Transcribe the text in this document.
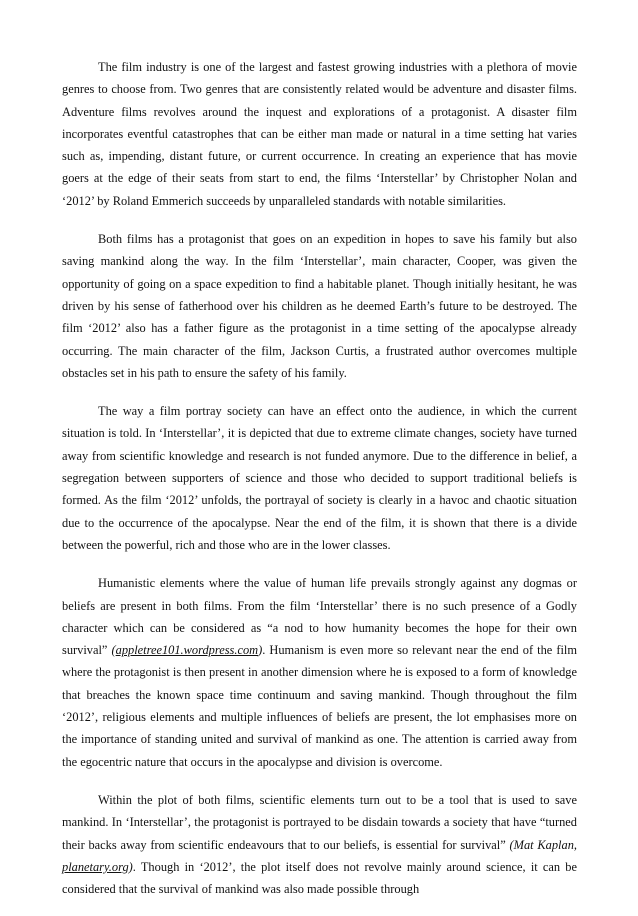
The film industry is one of the largest and fastest growing industries with a plethora of movie genres to choose from. Two genres that are consistently related would be adventure and disaster films. Adventure films revolves around the inquest and explorations of a protagonist. A disaster film incorporates eventful catastrophes that can be either man made or natural in a time setting hat varies such as, impending, distant future, or current occurrence. In creating an experience that has movie goers at the edge of their seats from start to end, the films ‘Interstellar’ by Christopher Nolan and ‘2012’ by Roland Emmerich succeeds by unparalleled standards with notable similarities.

Both films has a protagonist that goes on an expedition in hopes to save his family but also saving mankind along the way. In the film ‘Interstellar’, main character, Cooper, was given the opportunity of going on a space expedition to find a habitable planet. Though initially hesitant, he was driven by his sense of fatherhood over his children as he deemed Earth’s future to be destroyed. The film ‘2012’ also has a father figure as the protagonist in a time setting of the apocalypse already occurring. The main character of the film, Jackson Curtis, a frustrated author overcomes multiple obstacles set in his path to ensure the safety of his family.

The way a film portray society can have an effect onto the audience, in which the current situation is told. In ‘Interstellar’, it is depicted that due to extreme climate changes, society have turned away from scientific knowledge and research is not funded anymore. Due to the difference in belief, a segregation between supporters of science and those who decided to support traditional beliefs is formed. As the film ‘2012’ unfolds, the portrayal of society is clearly in a havoc and chaotic situation due to the occurrence of the apocalypse. Near the end of the film, it is shown that there is a divide between the powerful, rich and those who are in the lower classes.

Humanistic elements where the value of human life prevails strongly against any dogmas or beliefs are present in both films. From the film ‘Interstellar’ there is no such presence of a Godly character which can be considered as “a nod to how humanity becomes the hope for their own survival” (appletree101.wordpress.com). Humanism is even more so relevant near the end of the film where the protagonist is then present in another dimension where he is exposed to a form of knowledge that breaches the known space time continuum and saving mankind. Though throughout the film ‘2012’, religious elements and multiple influences of beliefs are present, the lot emphasises more on the importance of standing united and survival of mankind as one. The attention is carried away from the egocentric nature that occurs in the apocalypse and division is overcome.

Within the plot of both films, scientific elements turn out to be a tool that is used to save mankind. In ‘Interstellar’, the protagonist is portrayed to be disdain towards a society that have “turned their backs away from scientific endeavours that to our beliefs, is essential for survival” (Mat Kaplan, planetary.org). Though in ‘2012’, the plot itself does not revolve mainly around science, it can be considered that the survival of mankind was also made possible through
